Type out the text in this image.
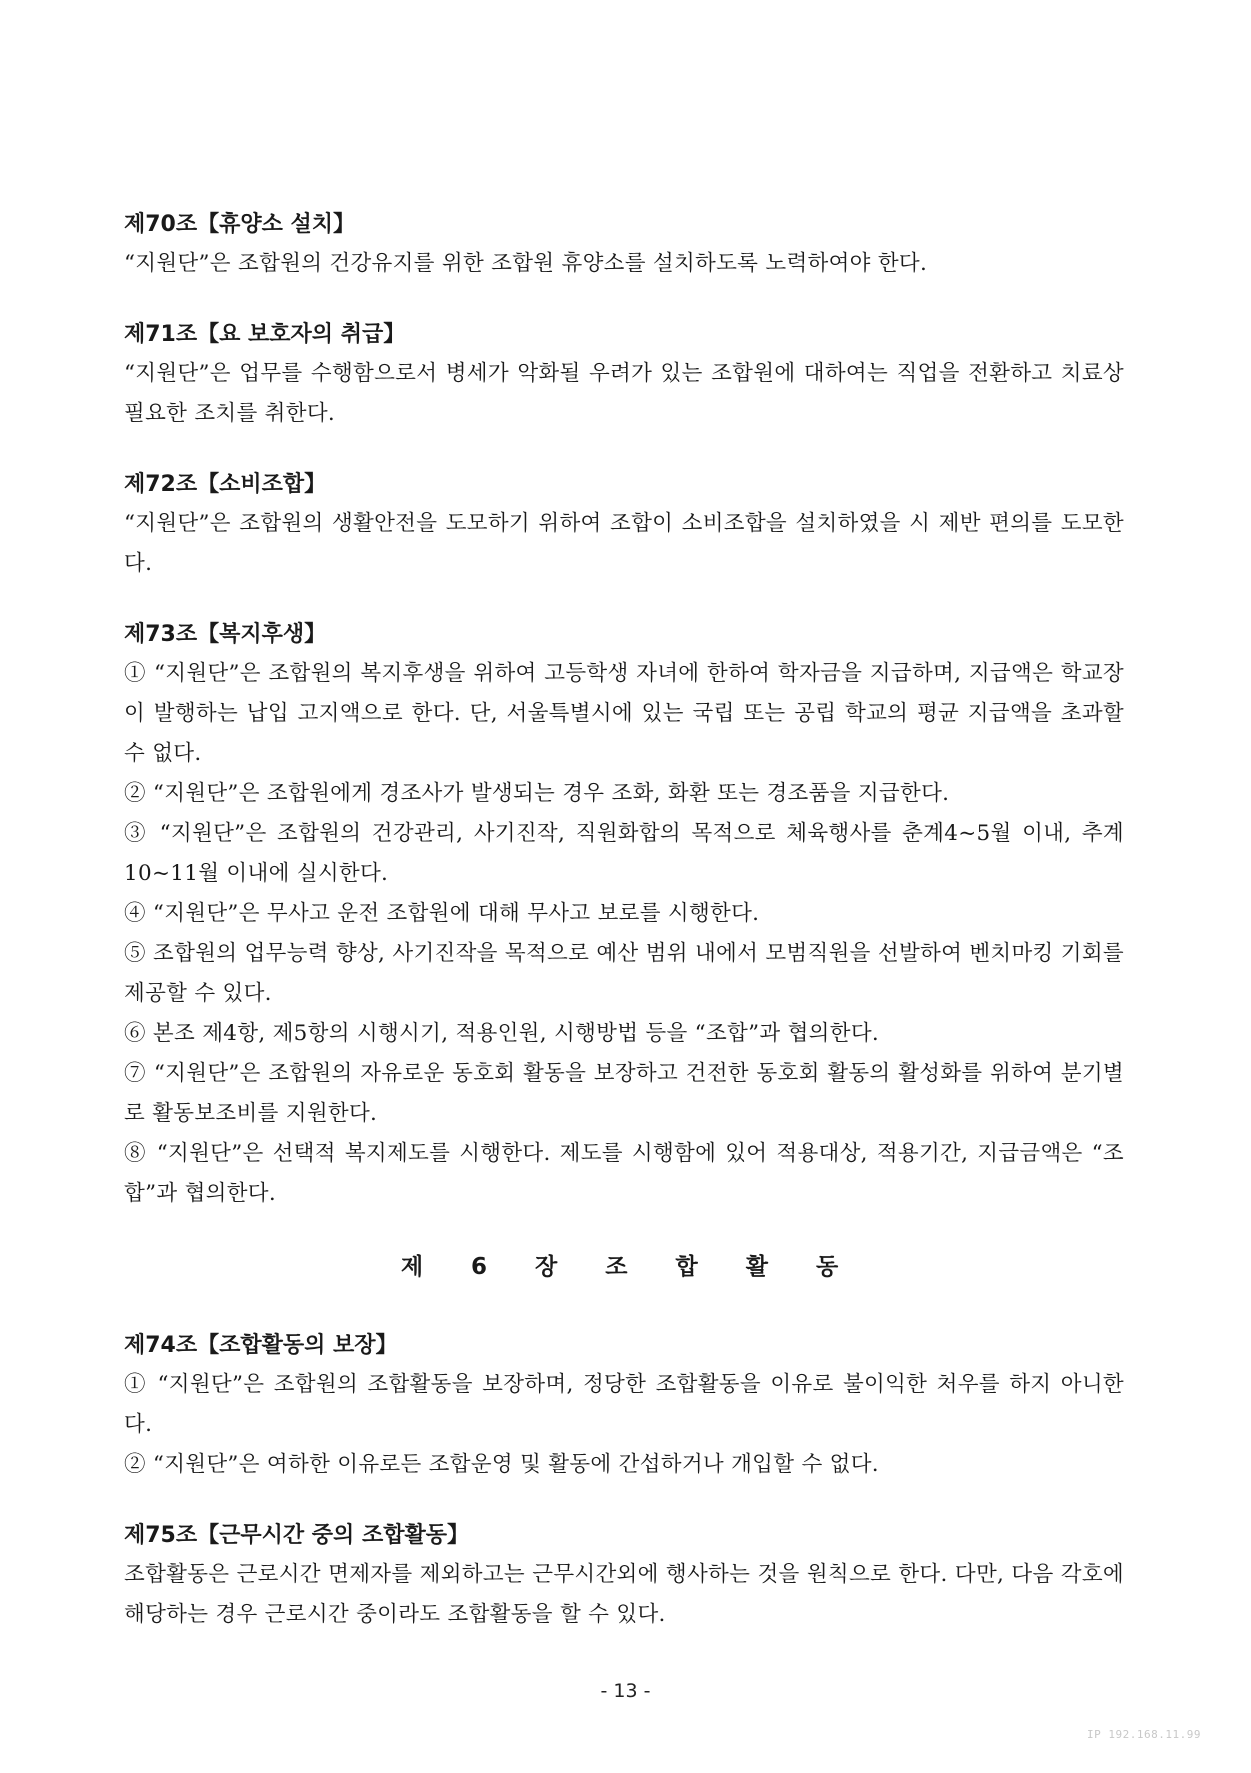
제70조【휴양소 설치】

“지원단”은 조합원의 건강유지를 위한 조합원 휴양소를 설치하도록 노력하여야 한다.

제71조【요 보호자의 취급】

“지원단”은 업무를 수행함으로서 병세가 악화될 우려가 있는 조합원에 대하여는 직업을 전환하고 치료상 필요한 조치를 취한다.

제72조【소비조합】

“지원단”은 조합원의 생활안전을 도모하기 위하여 조합이 소비조합을 설치하였을 시 제반 편의를 도모한다.

제73조【복지후생】

① “지원단”은 조합원의 복지후생을 위하여 고등학생 자녀에 한하여 학자금을 지급하며, 지급액은 학교장이 발행하는 납입 고지액으로 한다. 단, 서울특별시에 있는 국립 또는 공립 학교의 평균 지급액을 초과할 수 없다.

② “지원단”은 조합원에게 경조사가 발생되는 경우 조화, 화환 또는 경조품을 지급한다.

③ “지원단”은 조합원의 건강관리, 사기진작, 직원화합의 목적으로 체육행사를 춘계4~5월 이내, 추계10~11월 이내에 실시한다.

④ “지원단”은 무사고 운전 조합원에 대해 무사고 보로를 시행한다.

⑤ 조합원의 업무능력 향상, 사기진작을 목적으로 예산 범위 내에서 모범직원을 선발하여 벤치마킹 기회를 제공할 수 있다.

⑥ 본조 제4항, 제5항의 시행시기, 적용인원, 시행방법 등을 “조합”과 협의한다.

⑦ “지원단”은 조합원의 자유로운 동호회 활동을 보장하고 건전한 동호회 활동의 활성화를 위하여 분기별로 활동보조비를 지원한다.

⑧ “지원단”은 선택적 복지제도를 시행한다. 제도를 시행함에 있어 적용대상, 적용기간, 지급금액은 “조합”과 협의한다.

제 6 장 조 합 활 동
제74조【조합활동의 보장】

① “지원단”은 조합원의 조합활동을 보장하며, 정당한 조합활동을 이유로 불이익한 처우를 하지 아니한다.

② “지원단”은 여하한 이유로든 조합운영 및 활동에 간섭하거나 개입할 수 없다.

제75조【근무시간 중의 조합활동】

조합활동은 근로시간 면제자를 제외하고는 근무시간외에 행사하는 것을 원칙으로 한다. 다만, 다음 각호에 해당하는 경우 근로시간 중이라도 조합활동을 할 수 있다.

- 13 -
IP 192.168.11.99
